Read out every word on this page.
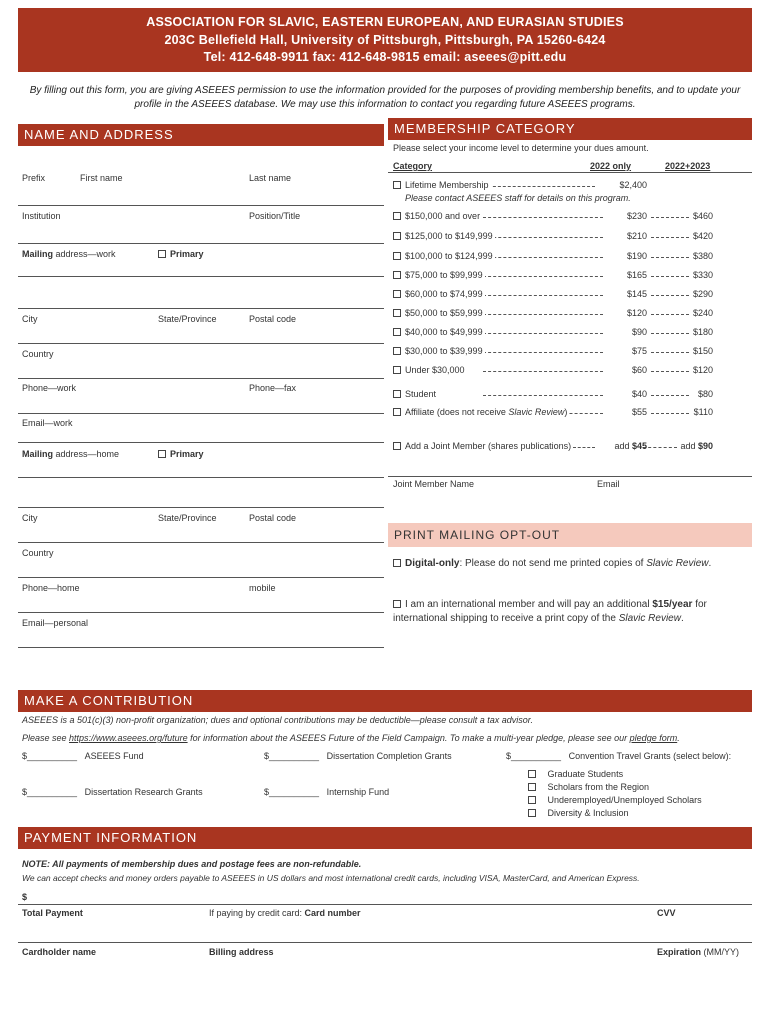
ASSOCIATION FOR SLAVIC, EASTERN EUROPEAN, AND EURASIAN STUDIES
203C Bellefield Hall, University of Pittsburgh, Pittsburgh, PA 15260-6424
Tel: 412-648-9911 fax: 412-648-9815 email: aseees@pitt.edu
By filling out this form, you are giving ASEEES permission to use the information provided for the purposes of providing membership benefits, and to update your profile in the ASEEES database. We may use this information to contact you regarding future ASEEES programs.
NAME AND ADDRESS
Prefix	First name	Last name
Institution	Position/Title
Mailing address—work	Primary
City	State/Province	Postal code
Country
Phone—work	Phone—fax
Email—work
Mailing address—home	Primary
City	State/Province	Postal code
Country
Phone—home	mobile
Email—personal
MEMBERSHIP CATEGORY
Please select your income level to determine your dues amount.
Category	2022 only	2022+2023
Lifetime Membership	$2,400
Please contact ASEEES staff for details on this program.
$150,000 and over	$230	$460
$125,000 to $149,999	$210	$420
$100,000 to $124,999	$190	$380
$75,000 to $99,999	$165	$330
$60,000 to $74,999	$145	$290
$50,000 to $59,999	$120	$240
$40,000 to $49,999	$90	$180
$30,000 to $39,999	$75	$150
Under $30,000	$60	$120
Student	$40	$80
Affiliate (does not receive Slavic Review)	$55	$110
Add a Joint Member (shares publications)	add $45	add $90
Joint Member Name	Email
PRINT MAILING OPT-OUT
Digital-only: Please do not send me printed copies of Slavic Review.
I am an international member and will pay an additional $15/year for international shipping to receive a print copy of the Slavic Review.
MAKE A CONTRIBUTION
ASEEES is a 501(c)(3) non-profit organization; dues and optional contributions may be deductible—please consult a tax advisor.
Please see https://www.aseees.org/future for information about the ASEEES Future of the Field Campaign. To make a multi-year pledge, please see our pledge form.
$__________ ASEEES Fund	$__________ Dissertation Completion Grants	$__________ Convention Travel Grants (select below):
$__________ Dissertation Research Grants	$__________ Internship Fund
Graduate Students
Scholars from the Region
Underemployed/Unemployed Scholars
Diversity & Inclusion
PAYMENT INFORMATION
NOTE: All payments of membership dues and postage fees are non-refundable.
We can accept checks and money orders payable to ASEEES in US dollars and most international credit cards, including VISA, MasterCard, and American Express.
$
Total Payment	If paying by credit card: Card number	CVV
Cardholder name	Billing address	Expiration (MM/YY)
